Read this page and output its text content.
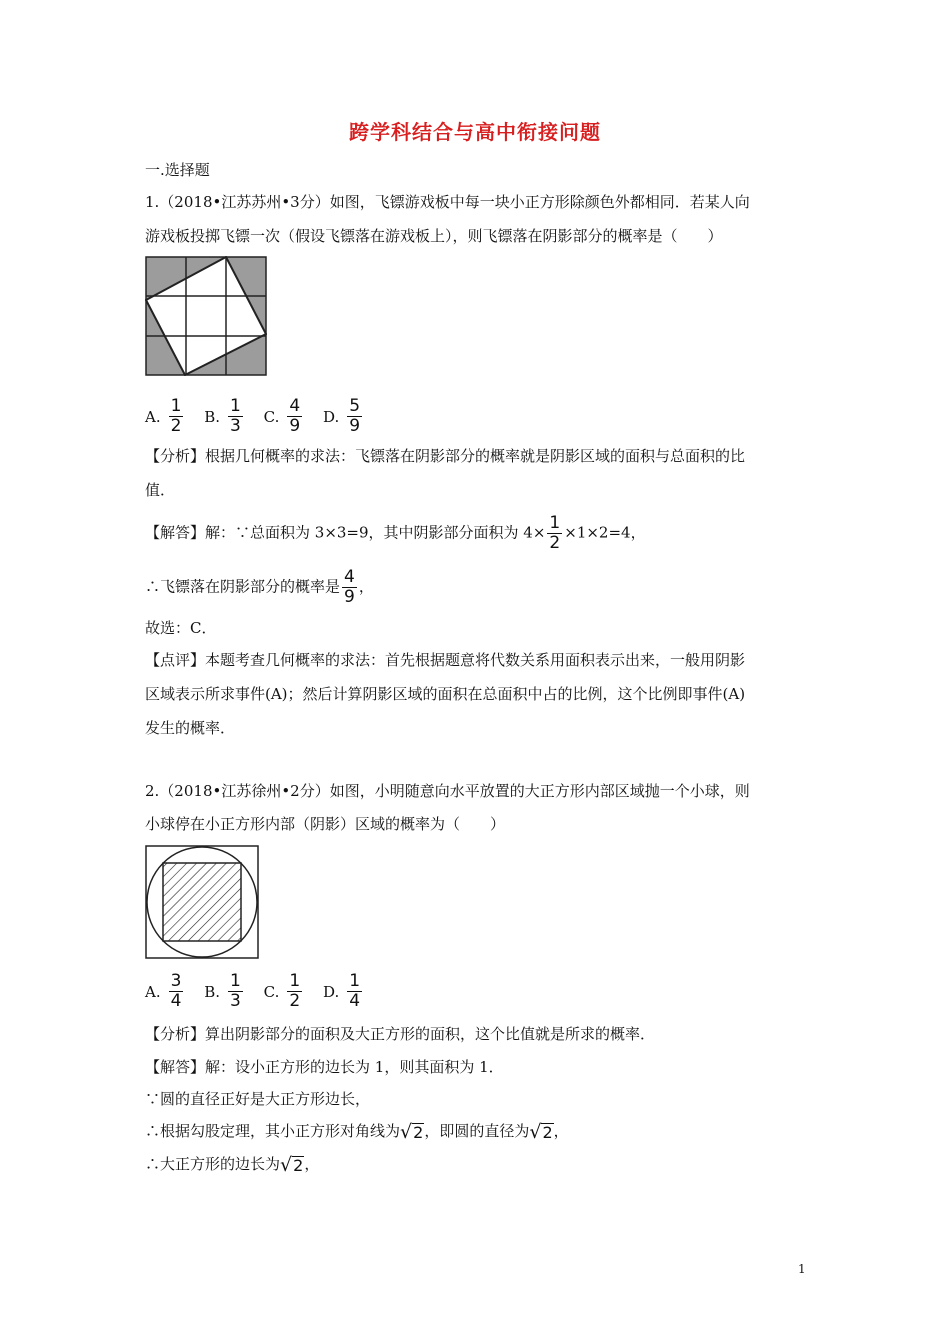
跨学科结合与高中衔接问题
一.选择题
1.（2018•江苏苏州•3分）如图，飞镖游戏板中每一块小正方形除颜色外都相同．若某人向
游戏板投掷飞镖一次（假设飞镖落在游戏板上），则飞镖落在阴影部分的概率是（　　）
A. $\frac{1}{2}$
B. $\frac{1}{3}$
C. $\frac{4}{9}$
D. $\frac{5}{9}$
【分析】根据几何概率的求法：飞镖落在阴影部分的概率就是阴影区域的面积与总面积的比
值．
【解答】解：∵总面积为 3×3=9，其中阴影部分面积为 $4\times \frac{1}{2} \times 1\times 2=4$，
∴飞镖落在阴影部分的概率是 $\frac{4}{9}$ ，
故选：C．
【点评】本题考查几何概率的求法：首先根据题意将代数关系用面积表示出来，一般用阴影
区域表示所求事件(A)；然后计算阴影区域的面积在总面积中占的比例，这个比例即事件(A)
发生的概率．
2.（2018•江苏徐州•2分）如图，小明随意向水平放置的大正方形内部区域抛一个小球，则
小球停在小正方形内部（阴影）区域的概率为（　　）
A. $\frac{3}{4}$
B. $\frac{1}{3}$
C. $\frac{1}{2}$
D. $\frac{1}{4}$
【分析】算出阴影部分的面积及大正方形的面积，这个比值就是所求的概率．
【解答】解：设小正方形的边长为 1，则其面积为 1．
∵圆的直径正好是大正方形边长，
∴根据勾股定理，其小正方形对角线为 √ 2 ，即圆的直径为 √ 2 ，
∴大正方形的边长为 √ 2 ，
1
